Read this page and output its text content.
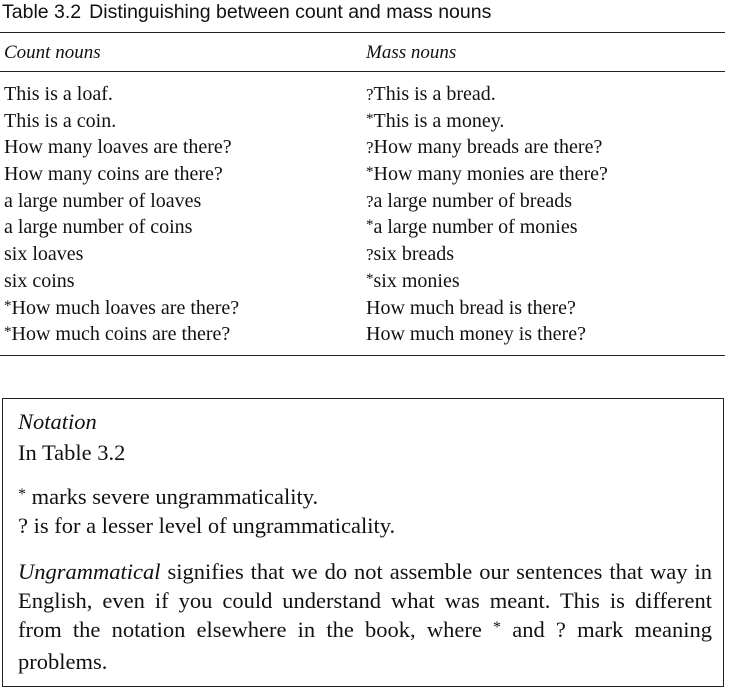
Table 3.2 Distinguishing between count and mass nouns
Count nouns	Mass nouns
This is a loaf.	?This is a bread.
This is a coin.	*This is a money.
How many loaves are there?	?How many breads are there?
How many coins are there?	*How many monies are there?
a large number of loaves	?a large number of breads
a large number of coins	*a large number of monies
six loaves	?six breads
six coins	*six monies
*How much loaves are there?	How much bread is there?
*How much coins are there?	How much money is there?
Notation
In Table 3.2
* marks severe ungrammaticality.
? is for a lesser level of ungrammaticality.
Ungrammatical signifies that we do not assemble our sentences that way in English, even if you could understand what was meant. This is different from the notation elsewhere in the book, where * and ? mark meaning problems.
